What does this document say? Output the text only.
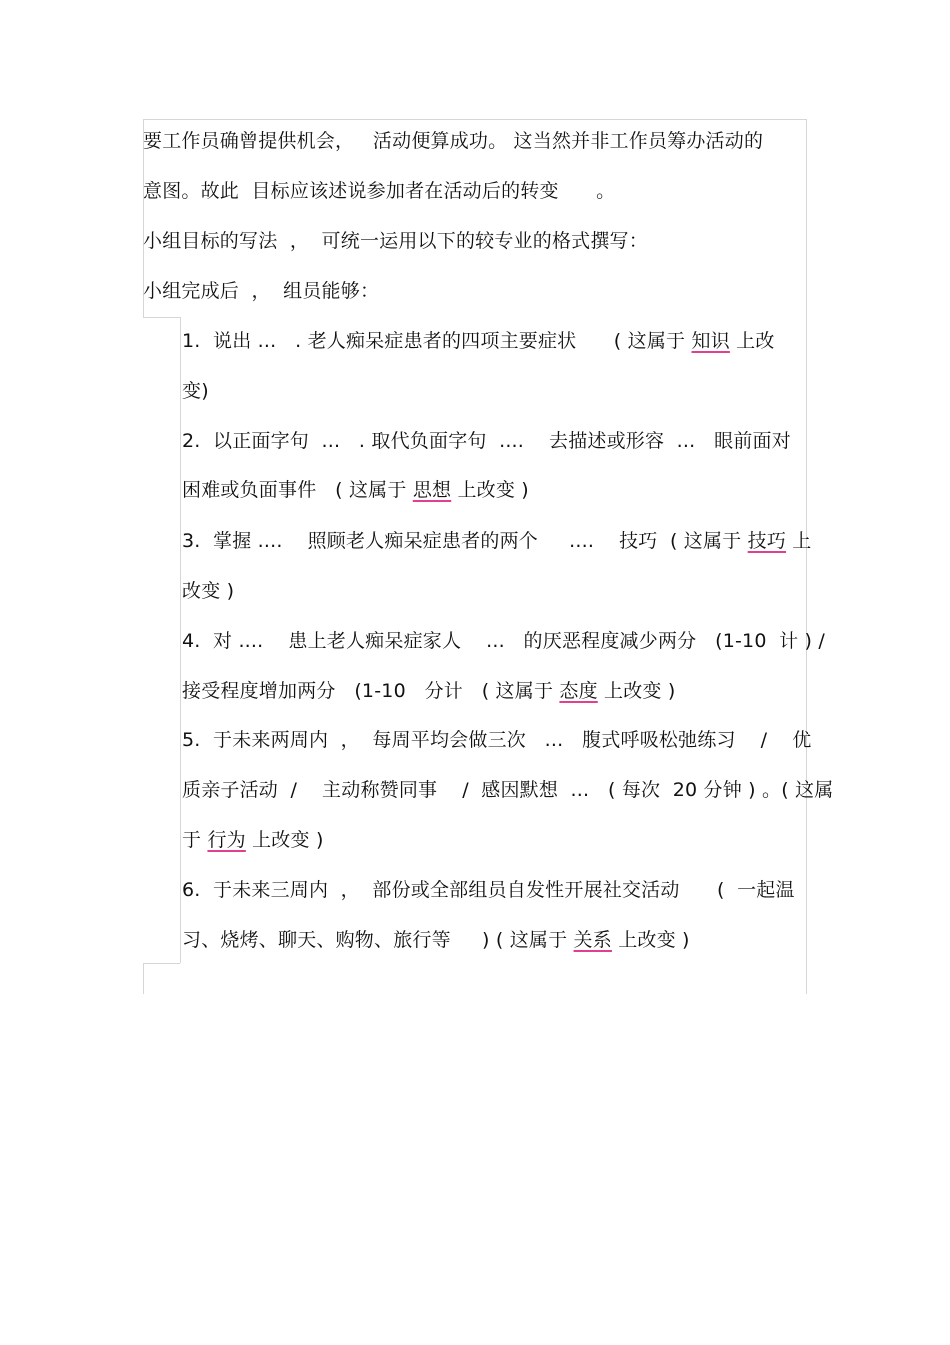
要工作员确曾提供机会，   活动便算成功。 这当然并非工作员筹办活动的
意图。故此  目标应该述说参加者在活动后的转变      。
小组目标的写法  ，  可统一运用以下的较专业的格式撰写：
小组完成后  ，  组员能够：
1.  说出 ...   . 老人痴呆症患者的四项主要症状      ( 这属于 知识 上改
变)
2.  以正面字句  ...   . 取代负面字句  ....    去描述或形容  ...   眼前面对
困难或负面事件   ( 这属于 思想 上改变 )
3.  掌握 ....    照顾老人痴呆症患者的两个     ....    技巧  ( 这属于 技巧 上
改变 )
4.  对 ....    患上老人痴呆症家人    ...   的厌恶程度减少两分   (1-10  计 ) /
接受程度增加两分   (1-10   分计   ( 这属于 态度 上改变 )
5.  于未来两周内  ，  每周平均会做三次   ...   腹式呼吸松弛练习    /    优
质亲子活动  /    主动称赞同事    /  感因默想  ...   ( 每次  20 分钟 ) 。( 这属
于 行为 上改变 )
6.  于未来三周内  ，  部份或全部组员自发性开展社交活动      (  一起温
习、烧烤、聊天、购物、旅行等     ) ( 这属于 关系 上改变 )
